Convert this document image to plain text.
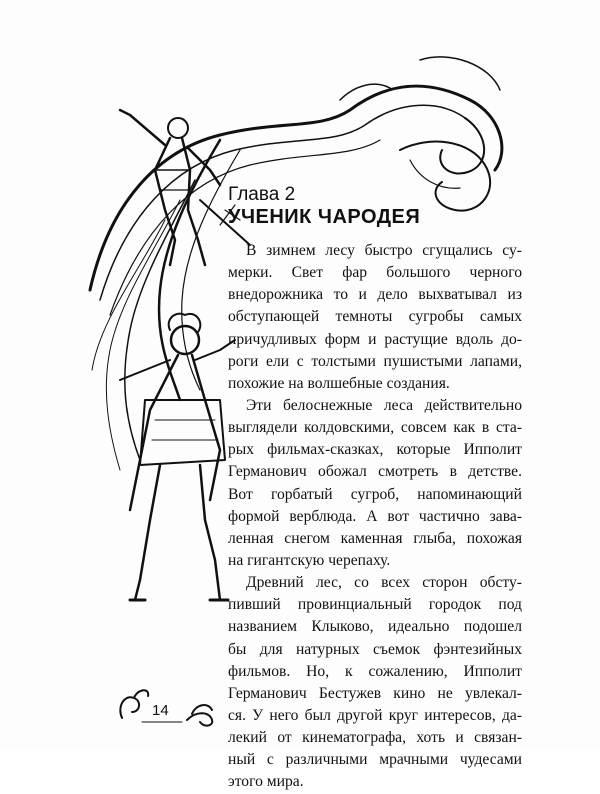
Глава 2
УЧЕНИК ЧАРОДЕЯ

В зимнем лесу быстро сгущались су-
мерки. Свет фар большого черного
внедорожника то и дело выхватывал из
обступающей темноты сугробы самых
причудливых форм и растущие вдоль до-
роги ели с толстыми пушистыми лапами,
похожие на волшебные создания.

Эти белоснежные леса действительно
выглядели колдовскими, совсем как в ста-
рых фильмах-сказках, которые Ипполит
Германович обожал смотреть в детстве.
Вот горбатый сугроб, напоминающий
формой верблюда. А вот частично зава-
ленная снегом каменная глыба, похожая
на гигантскую черепаху.

Древний лес, со всех сторон обсту-
пивший провинциальный городок под
названием Клыково, идеально подошел
бы для натурных съемок фэнтезийных
фильмов. Но, к сожалению, Ипполит
Германович Бестужев кино не увлекал-
ся. У него был другой круг интересов, да-
лекий от кинематографа, хоть и связан-
ный с различными мрачными чудесами
этого мира.

14
